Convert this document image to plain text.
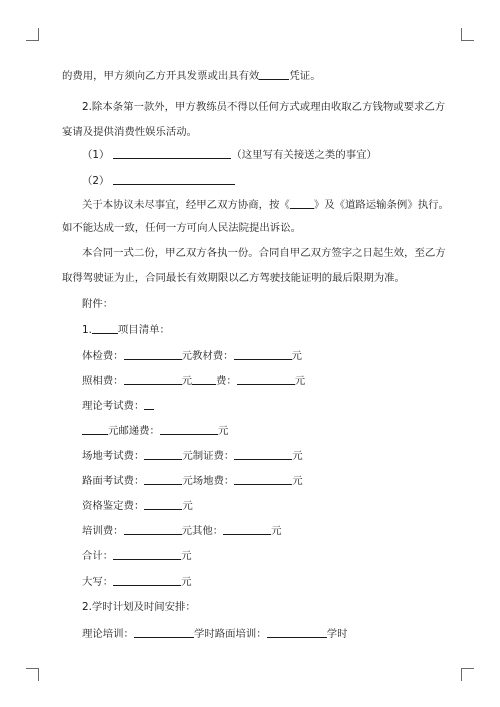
的费用，甲方须向乙方开具发票或出具有效	凭证。
2.除本条第一款外，甲方教练员不得以任何方式或理由收取乙方钱物或要求乙方
宴请及提供消费性娱乐活动。
（1）	（这里写有关接送之类的事宜）
（2）
关于本协议未尽事宜，经甲乙双方协商，按《 》及《道路运输条例》执行。
如不能达成一致，任何一方可向人民法院提出诉讼。
本合同一式二份，甲乙双方各执一份。合同自甲乙双方签字之日起生效，至乙方
取得驾驶证为止，合同最长有效期限以乙方驾驶技能证明的最后限期为准。
附件：
1.	项目清单：
体检费：	元教材费：	元
照相费：	元 费：	元
理论考试费：
元邮递费：	元
场地考试费：	元制证费：	元
路面考试费：	元场地费：	元
资格鉴定费：	元
培训费：	元其他：	元
合计：	元
大写：	元
2.学时计划及时间安排：
理论培训：	学时路面培训：	学时
